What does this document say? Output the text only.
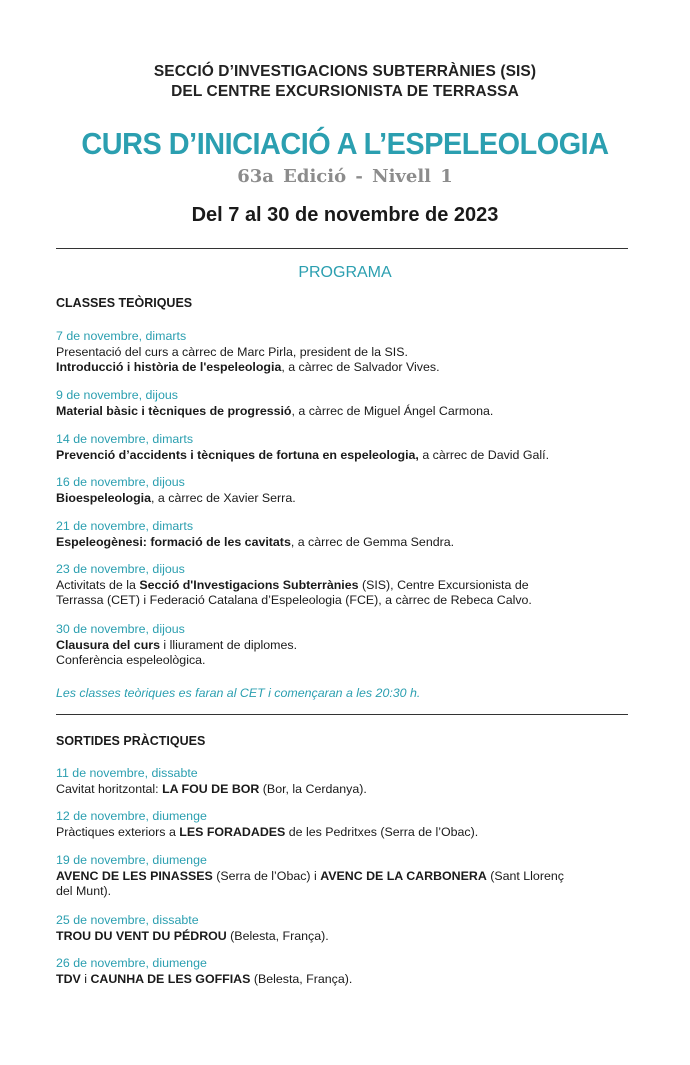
SECCIÓ D’INVESTIGACIONS SUBTERRÀNIES (SIS)
DEL CENTRE EXCURSIONISTA DE TERRASSA
CURS D’INICIACIÓ A L’ESPELEOLOGIA
63a Edició - Nivell 1
Del 7 al 30 de novembre de 2023
PROGRAMA
CLASSES TEÒRIQUES
7 de novembre, dimarts
Presentació del curs a càrrec de Marc Pirla, president de la SIS.
Introducció i història de l'espeleologia, a càrrec de Salvador Vives.
9 de novembre, dijous
Material bàsic i tècniques de progressió, a càrrec de Miguel Ángel Carmona.
14 de novembre, dimarts
Prevenció d’accidents i tècniques de fortuna en espeleologia, a càrrec de David Galí.
16 de novembre, dijous
Bioespeleologia, a càrrec de Xavier Serra.
21 de novembre, dimarts
Espeleogènesi: formació de les cavitats, a càrrec de Gemma Sendra.
23 de novembre, dijous
Activitats de la Secció d'Investigacions Subterrànies (SIS), Centre Excursionista de
Terrassa (CET) i Federació Catalana d’Espeleologia (FCE), a càrrec de Rebeca Calvo.
30 de novembre, dijous
Clausura del curs i lliurament de diplomes.
Conferència espeleològica.
Les classes teòriques es faran al CET i començaran a les 20:30 h.
SORTIDES PRÀCTIQUES
11 de novembre, dissabte
Cavitat horitzontal: LA FOU DE BOR (Bor, la Cerdanya).
12 de novembre, diumenge
Pràctiques exteriors a LES FORADADES de les Pedritxes (Serra de l’Obac).
19 de novembre, diumenge
AVENC DE LES PINASSES (Serra de l’Obac) i AVENC DE LA CARBONERA (Sant Llorenç
del Munt).
25 de novembre, dissabte
TROU DU VENT DU PÉDROU (Belesta, França).
26 de novembre, diumenge
TDV i CAUNHA DE LES GOFFIAS (Belesta, França).
